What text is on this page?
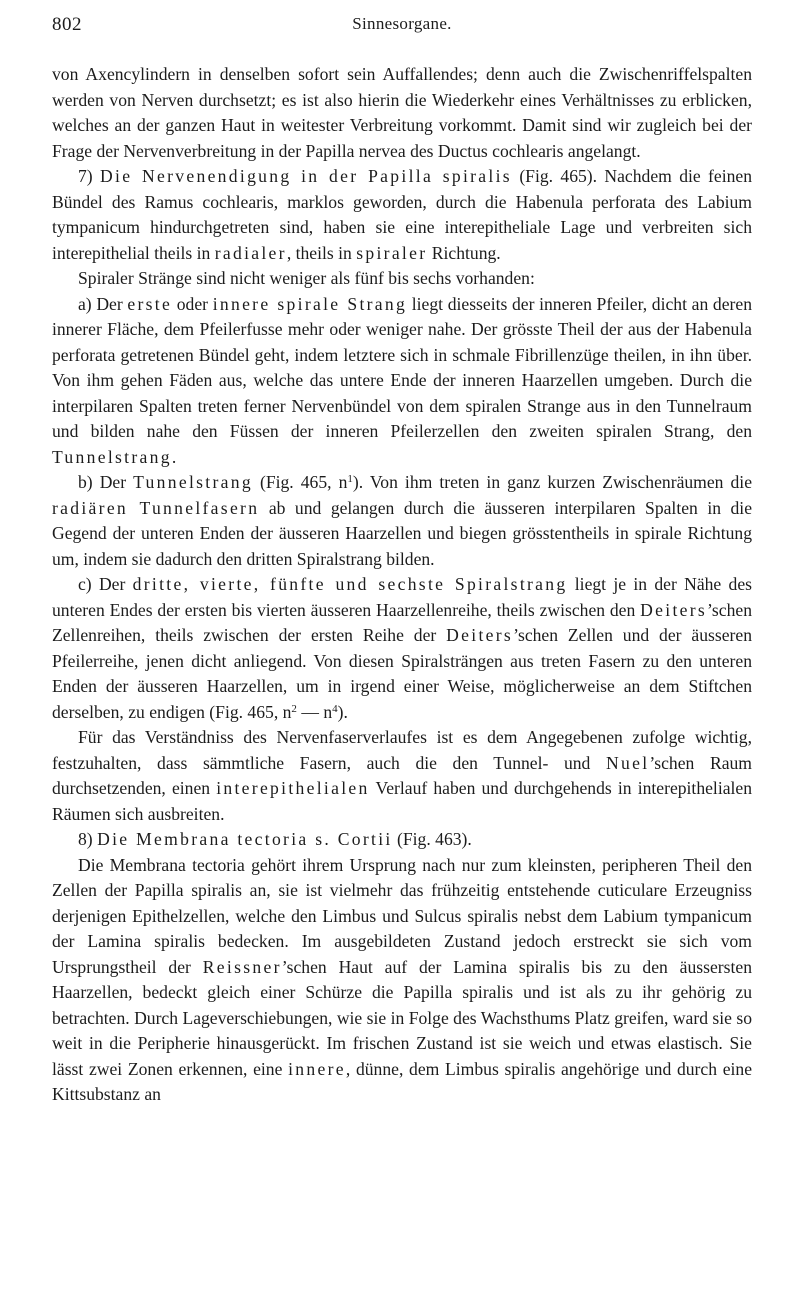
802	Sinnesorgane.

von Axencylindern in denselben sofort sein Auffallendes; denn auch die Zwischenriffelspalten werden von Nerven durchsetzt; es ist also hierin die Wiederkehr eines Verhältnisses zu erblicken, welches an der ganzen Haut in weitester Verbreitung vorkommt. Damit sind wir zugleich bei der Frage der Nervenverbreitung in der Papilla nervea des Ductus cochlearis angelangt.

7) Die Nervenendigung in der Papilla spiralis (Fig. 465). Nachdem die feinen Bündel des Ramus cochlearis, marklos geworden, durch die Habenula perforata des Labium tympanicum hindurchgetreten sind, haben sie eine interepitheliale Lage und verbreiten sich interepithelial theils in radialer, theils in spiraler Richtung.

Spiraler Stränge sind nicht weniger als fünf bis sechs vorhanden:

a) Der erste oder innere spirale Strang liegt diesseits der inneren Pfeiler, dicht an deren innerer Fläche, dem Pfeilerfusse mehr oder weniger nahe. Der grösste Theil der aus der Habenula perforata getretenen Bündel geht, indem letztere sich in schmale Fibrillenzüge theilen, in ihn über. Von ihm gehen Fäden aus, welche das untere Ende der inneren Haarzellen umgeben. Durch die interpilaren Spalten treten ferner Nervenbündel von dem spiralen Strange aus in den Tunnelraum und bilden nahe den Füssen der inneren Pfeilerzellen den zweiten spiralen Strang, den Tunnelstrang.

b) Der Tunnelstrang (Fig. 465, $n^1$). Von ihm treten in ganz kurzen Zwischenräumen die radiären Tunnelfasern ab und gelangen durch die äusseren interpilaren Spalten in die Gegend der unteren Enden der äusseren Haarzellen und biegen grösstentheils in spirale Richtung um, indem sie dadurch den dritten Spiralstrang bilden.

c) Der dritte, vierte, fünfte und sechste Spiralstrang liegt je in der Nähe des unteren Endes der ersten bis vierten äusseren Haarzellenreihe, theils zwischen den Deiters’schen Zellenreihen, theils zwischen der ersten Reihe der Deiters’schen Zellen und der äusseren Pfeilerreihe, jenen dicht anliegend. Von diesen Spiralsträngen aus treten Fasern zu den unteren Enden der äusseren Haarzellen, um in irgend einer Weise, möglicherweise an dem Stiftchen derselben, zu endigen (Fig. 465, $n^2$ — $n^4$).

Für das Verständniss des Nervenfaserverlaufes ist es dem Angegebenen zufolge wichtig, festzuhalten, dass sämmtliche Fasern, auch die den Tunnel- und Nuel’schen Raum durchsetzenden, einen interepithelialen Verlauf haben und durchgehends in interepithelialen Räumen sich ausbreiten.

8) Die Membrana tectoria s. Cortii (Fig. 463).

Die Membrana tectoria gehört ihrem Ursprung nach nur zum kleinsten, peripheren Theil den Zellen der Papilla spiralis an, sie ist vielmehr das frühzeitig entstehende cuticulare Erzeugniss derjenigen Epithelzellen, welche den Limbus und Sulcus spiralis nebst dem Labium tympanicum der Lamina spiralis bedecken. Im ausgebildeten Zustand jedoch erstreckt sie sich vom Ursprungstheil der Reissner’schen Haut auf der Lamina spiralis bis zu den äussersten Haarzellen, bedeckt gleich einer Schürze die Papilla spiralis und ist als zu ihr gehörig zu betrachten. Durch Lageverschiebungen, wie sie in Folge des Wachsthums Platz greifen, ward sie so weit in die Peripherie hinausgerückt. Im frischen Zustand ist sie weich und etwas elastisch. Sie lässt zwei Zonen erkennen, eine innere, dünne, dem Limbus spiralis angehörige und durch eine Kittsubstanz an
